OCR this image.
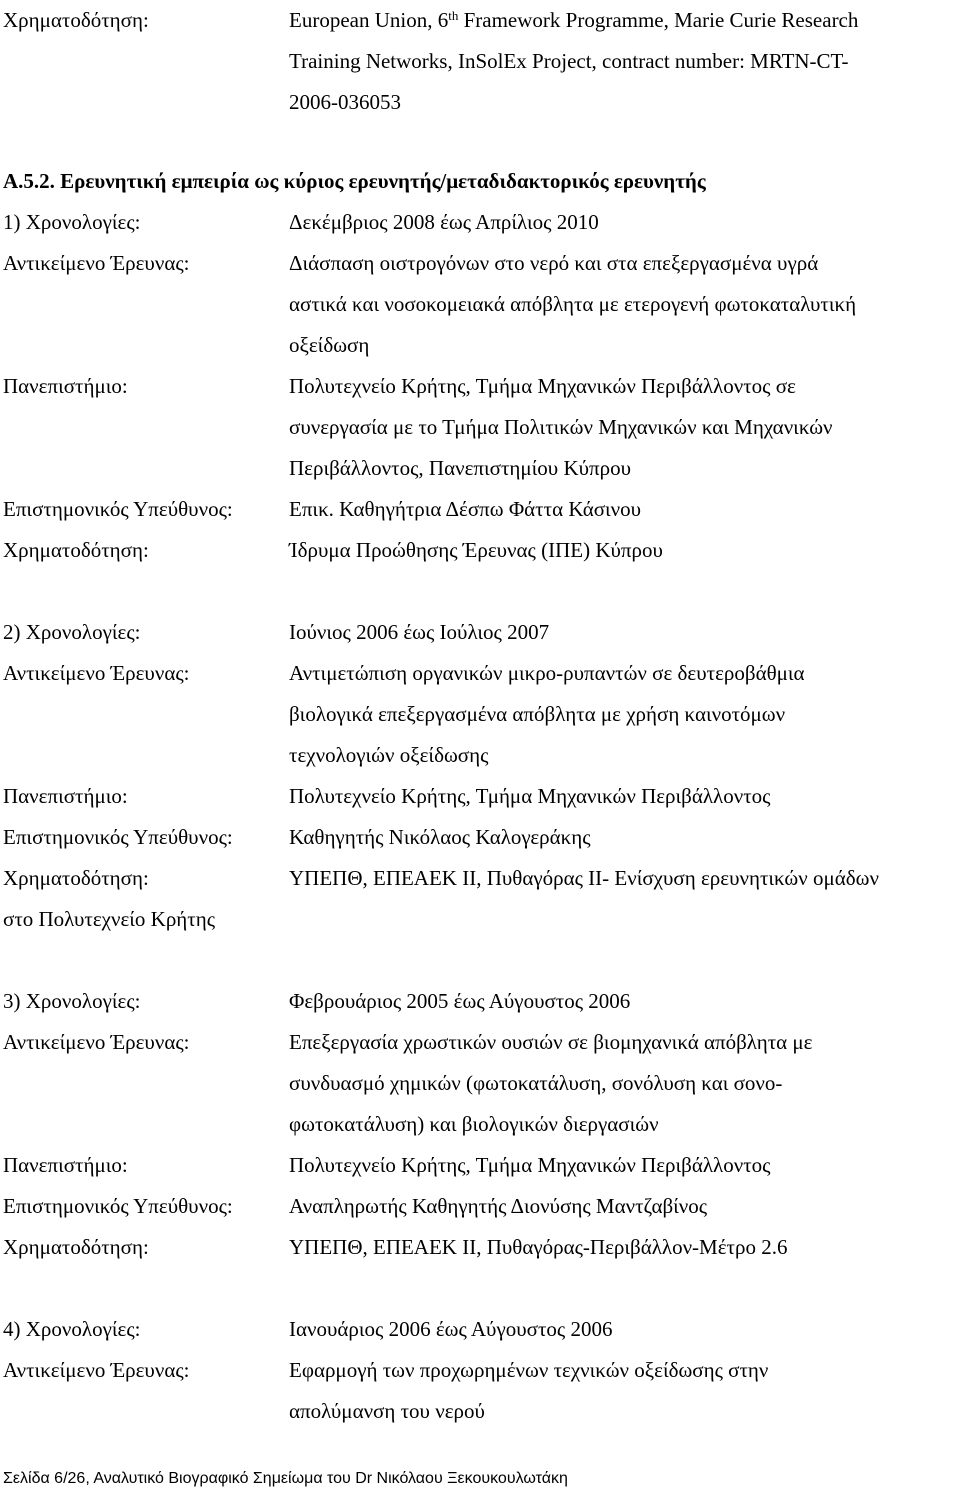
Χρηματοδότηση:	European Union, 6th Framework Programme, Marie Curie Research
Training Networks, InSolEx Project, contract number: MRTN-CT-
2006-036053
Α.5.2. Ερευνητική εμπειρία ως κύριος ερευνητής/μεταδιδακτορικός ερευνητής
1) Χρονολογίες:	Δεκέμβριος 2008 έως Απρίλιος 2010
Αντικείμενο Έρευνας:	Διάσπαση οιστρογόνων στο νερό και στα επεξεργασμένα υγρά
αστικά και νοσοκομειακά απόβλητα με ετερογενή φωτοκαταλυτική
οξείδωση
Πανεπιστήμιο:	Πολυτεχνείο Κρήτης, Τμήμα Μηχανικών Περιβάλλοντος σε
συνεργασία με το Τμήμα Πολιτικών Μηχανικών και Μηχανικών
Περιβάλλοντος, Πανεπιστημίου Κύπρου
Επιστημονικός Υπεύθυνος:	Επικ. Καθηγήτρια Δέσπω Φάττα Κάσινου
Χρηματοδότηση:	Ίδρυμα Προώθησης Έρευνας (ΙΠΕ) Κύπρου
2) Χρονολογίες:	Ιούνιος 2006 έως Ιούλιος 2007
Αντικείμενο Έρευνας:	Αντιμετώπιση οργανικών μικρο-ρυπαντών σε δευτεροβάθμια
βιολογικά επεξεργασμένα απόβλητα με χρήση καινοτόμων
τεχνολογιών οξείδωσης
Πανεπιστήμιο:	Πολυτεχνείο Κρήτης, Τμήμα Μηχανικών Περιβάλλοντος
Επιστημονικός Υπεύθυνος:	Καθηγητής Νικόλαος Καλογεράκης
Χρηματοδότηση:	ΥΠΕΠΘ, ΕΠΕΑΕΚ ΙΙ, Πυθαγόρας ΙΙ- Ενίσχυση ερευνητικών ομάδων
στο Πολυτεχνείο Κρήτης
3) Χρονολογίες:	Φεβρουάριος 2005 έως Αύγουστος 2006
Αντικείμενο Έρευνας:	Επεξεργασία χρωστικών ουσιών σε βιομηχανικά απόβλητα με
συνδυασμό χημικών (φωτοκατάλυση, σονόλυση και σονο-
φωτοκατάλυση) και βιολογικών διεργασιών
Πανεπιστήμιο:	Πολυτεχνείο Κρήτης, Τμήμα Μηχανικών Περιβάλλοντος
Επιστημονικός Υπεύθυνος:	Αναπληρωτής Καθηγητής Διονύσης Μαντζαβίνος
Χρηματοδότηση:	ΥΠΕΠΘ, ΕΠΕΑΕΚ ΙΙ, Πυθαγόρας-Περιβάλλον-Μέτρο 2.6
4) Χρονολογίες:	Ιανουάριος 2006 έως Αύγουστος 2006
Αντικείμενο Έρευνας:	Εφαρμογή των προχωρημένων τεχνικών οξείδωσης στην
απολύμανση του νερού
Σελίδα 6/26, Αναλυτικό Βιογραφικό Σημείωμα του Dr Νικόλαου Ξεκουκουλωτάκη
